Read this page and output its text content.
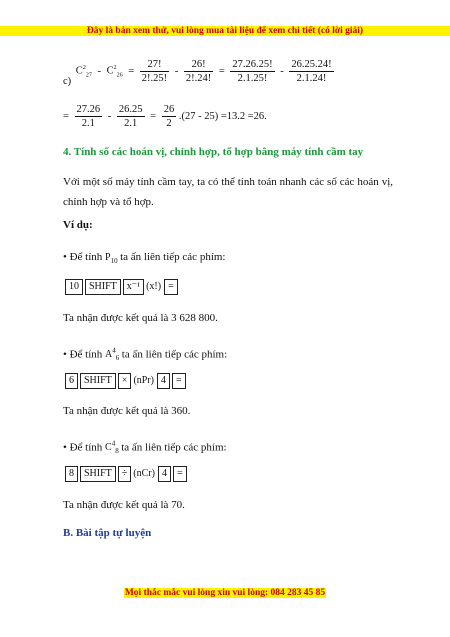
Đây là bản xem thử, vui lòng mua tài liệu để xem chi tiết (có lời giải)
c) $C^2_{27} - C^2_{26} = \frac{27!}{2!.25!} - \frac{26!}{2!.24!} = \frac{27.26.25!}{2.1.25!} - \frac{26.25.24!}{2.1.24!}$
= $\frac{27.26}{2.1} - \frac{26.25}{2.1} = \frac{26}{2} .(27 - 25) =13.2 =26$.
4. Tính số các hoán vị, chỉnh hợp, tổ hợp bằng máy tính cầm tay
Với một số máy tính cầm tay, ta có thể tính toán nhanh các số các hoán vị, chỉnh hợp và tổ hợp.
Ví dụ:
• Để tính $P_{10}$ ta ấn liên tiếp các phím:
10 SHIFT x⁻¹ (x!) =
Ta nhận được kết quả là 3 628 800.
• Để tính $A^4_6$ ta ấn liên tiếp các phím:
6 SHIFT × (nPr) 4 =
Ta nhận được kết quả là 360.
• Để tính $C^4_8$ ta ấn liên tiếp các phím:
8 SHIFT ÷ (nCr) 4 =
Ta nhận được kết quả là 70.
B. Bài tập tự luyện
Mọi thắc mắc vui lòng xin vui lòng: 084 283 45 85
